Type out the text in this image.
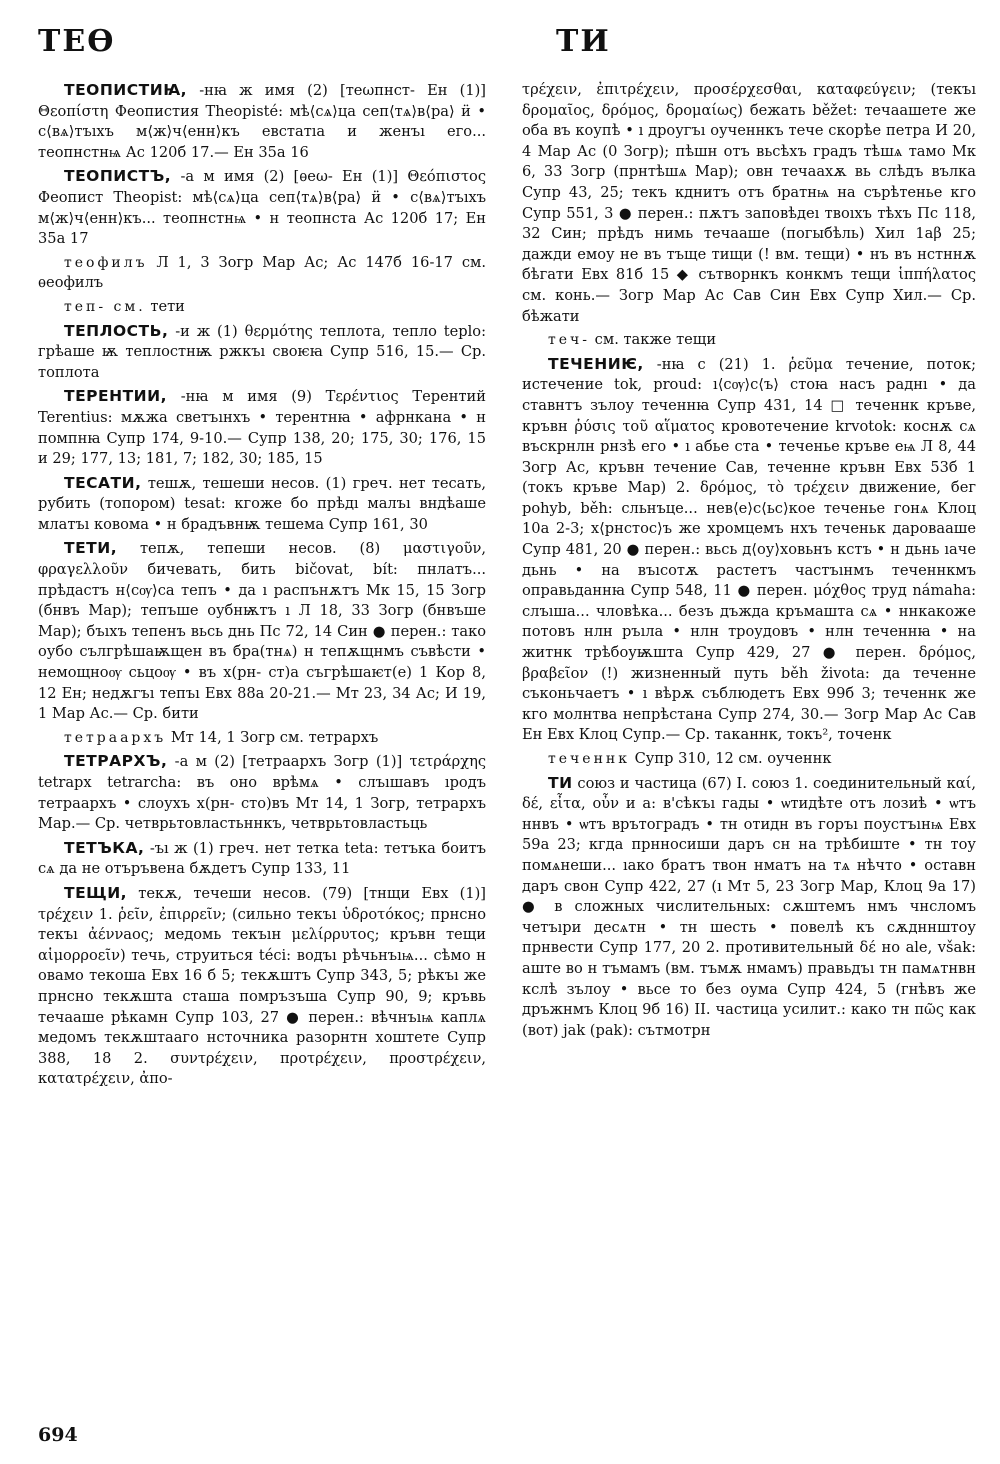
ТЕѲ	ТИ

ТЕОПИСТИꙖ, -нꙗ ж имя (2) [теωпнст- Ен (1)] Θεοπίστη Феопистия Theopisté: мѣ⟨сѧ⟩ца сеп⟨тѧ⟩в⟨ра⟩ ӥ • с⟨вѧ⟩тъıхъ м⟨ж⟩ч⟨енн⟩къ евстатıа и женъı его... теопнстнѩ Ас 120б 17.— Ен 35а 16

ТЕОПИСТЪ, -а м имя (2) [ѳеω- Ен (1)] Θεόπιστος Феопист Theopist: мѣ⟨сѧ⟩ца сеп⟨тѧ⟩в⟨ра⟩ ӥ • с⟨вѧ⟩тъıхъ м⟨ж⟩ч⟨енн⟩къ... теопнстнѩ • н теопнста Ас 120б 17; Ен 35а 17

теофилъ Л 1, 3 Зогр Мар Ас; Ас 147б 16-17 см. ѳеофилъ

теп- см. тети

ТЕПЛОСТЬ, -и ж (1) θερμότης теплота, тепло teplo: грѣаше ѭ теплостнѭ ржкъı своѥꙗ Супр 516, 15.— Ср. топлота

ТЕРЕНТИИ, -нꙗ м имя (9) Τερέντιος Терентий Terentius: мѫжа светъıнхъ • терентнꙗ • афрнкана • н помпнꙗ Супр 174, 9-10.— Супр 138, 20; 175, 30; 176, 15 и 29; 177, 13; 181, 7; 182, 30; 185, 15

ТЕСАТИ, тешѫ, тешеши несов. (1) греч. нет тесать, рубить (топором) tesat: кгоже бо прѣдı малъı вндѣаше млатъı ковома • н брадъвнѭ тешема Супр 161, 30

ТЕТИ, тепѫ, тепеши несов. (8) μαστιγοῦν, φραγελλοῦν бичевать, бить bičovat, bít: пнлатъ... прѣдастъ н⟨сѹ⟩са тепъ • да ı распънѫтъ Мк 15, 15 Зогр (бнвъ Мар); тепъше оубнѭтъ ı Л 18, 33 Зогр (бнвъше Мар); бъıхъ тепенъ вьсь днь Пс 72, 14 Син ● перен.: тако оубо сългрѣшаѭщен въ бра(тнѧ) н тепѫщнмъ съвѣсти • немощноѹ сьцоѹ • въ х(рн- ст)а съгрѣшаѥт(е) 1 Кор 8, 12 Ен; недѫгъı тепъı Евх 88а 20-21.— Мт 23, 34 Ас; И 19, 1 Мар Ас.— Ср. бити

тетраархъ Мт 14, 1 Зогр см. тетрархъ

ТЕТРАРХЪ, -а м (2) [тетраархъ Зогр (1)] τετράρχης tetrapx tetrarcha: въ оно врѣмѧ • слъıшавъ ıродъ тетраархъ • слоухъ х(рн- сто)въ Мт 14, 1 Зогр, тетрархъ Мар.— Ср. четврьтовластьннкъ, четврьтовластьць

ТЕТЪКА, -ъı ж (1) греч. нет тетка teta: тетъка боитъ сѧ да не отъръвена бѫдетъ Супр 133, 11

ТЕЩИ, текѫ, течеши несов. (79) [тнщи Евх (1)] τρέχειν 1. ῥεῖν, ἐπιρρεῖν; (сильно текъı ὑδροτόκος; прнсно текъı ἀέννaος; медомь текъıн μελίρρυτος; кръвн тещи αἱμορροεῖν) течь, струиться téci: водъı рѣчьнъıѩ... сѣмо н овамо текоша Евх 16 б 5; текѫштъ Супр 343, 5; рѣкъı же прнсно текѫшта сташа помръзъша Супр 90, 9; кръвь течааше рѣкамн Супр 103, 27 ● перен.: вѣчнъıѩ каплѧ медомъ текѫштааго нсточника разорнтн хоштете Супр 388, 18 2. συντρέχειν, προτρέχειν, προστρέχειν, κατατρέχειν, ἀπο-

τρέχειν, ἐπιτρέχειν, προσέρχεσθαι, καταφεύγειν; (текъı δρομαῖος, δρόμος, δρομαίως) бежать běžet: течаашете же оба въ коупѣ • ı дроугъı оученнкъ тече скорѣе петра И 20, 4 Мар Ас (0 Зогр); пѣшн отъ вьсѣхъ градъ тѣшѧ тамо Мк 6, 33 Зогр (прнтѣшѧ Мар); овн течаахѫ вь слѣдъ вълка Супр 43, 25; текъ кднитъ отъ братнѩ на сърѣтенье кго Супр 551, 3 ● перен.: пѫтъ заповѣдеı твоıхъ тѣхъ Пс 118, 32 Син; прѣдъ нимь течааше (погыбѣль) Хил 1аβ 25; дажди емоу не въ тъще тищи (! вм. тещи) • нъ въ нстннѫ бѣгати Евх 81б 15 ◆ сътворнкъ конкмъ тещи ἱππήλατος см. конь.— Зогр Мар Ас Сав Син Евх Супр Хил.— Ср. бѣжати

теч- см. также тещи

ТЕЧЕНИѤ, -нꙗ с (21) 1. ῥεῦμα течение, поток; истечение tok, proud: ı⟨сѹ⟩с⟨ъ⟩ стоꙗ насъ раднı • да ставнтъ зълоу теченнꙗ Супр 431, 14 □ теченнк кръве, кръвн ῥύσις τοῦ αἵματος кровотечение krvotok: коснѫ сѧ въскрнлн рнзѣ его • ı абье ста • теченье кръве еѩ Л 8, 44 Зогр Ас, кръвн течение Сав, теченне кръвн Евх 53б 1 (токъ кръве Мар) 2. δρόμος, τὸ τρέχειν движение, бег pohyb, běh: сльнъце... нев⟨е⟩с⟨ьс⟩кое теченье гонѧ Клоц 10а 2-3; х⟨рнстос⟩ъ же хромцемъ нхъ теченьк дароваашe Супр 481, 20 ● перен.: вьсь д⟨оу⟩ховьнъ кстъ • н дьнь ıаче дьнь • на въıсотѫ растетъ частъıнмъ теченнкмъ оправьданнꙗ Супр 548, 11 ● перен. μόχθος труд námaha: слъıша... чловѣка... безъ дъжда кръмашта сѧ • ннкакоже потовъ нлн ръıла • нлн троудовъ • нлн теченнꙗ • на житнк трѣбоуѭшта Супр 429, 27 ● перен. δρόμος, βραβεῖον (!) жизненный путь běh života: да теченне съконьчаетъ • ı вѣрѫ съблюдетъ Евх 99б 3; теченнк же кго молнтва непрѣстанa Супр 274, 30.— Зогр Мар Ас Сав Ен Евх Клоц Супр.— Ср. таканнк, токъ², точенк

теченнк Супр 310, 12 см. оученнк

ТИ союз и частица (67) I. союз 1. соединительный καί, δέ, εἶτα, οὖν и а: в'сѣкъı гады • ѡтидѣте отъ лозиѣ • ѡтъ ннвъ • ѡтъ врътоградъ • тн отидн въ горъı поустъıнѩ Евх 59а 23; кгда прнносиши даръ сн на трѣбиште • тн тоу помѧнеши... ıако братъ твон нматъ на тѧ нѣчто • оставн даръ свон Супр 422, 27 (ı Мт 5, 23 Зогр Мар, Клоц 9а 17) ● в сложных числительных: сѫштемъ нмъ чнсломъ четъıри десѧтн • тн шесть • повелѣ къ сѫдннштоу прнвести Супр 177, 20 2. противительный δέ но ale, však: аште во н тъмамъ (вм. тъмѫ нмамъ) правьдъı тн памѧтнвн кслѣ зълоу • вьсе то без оума Супр 424, 5 (гнѣвъ же дръжнмъ Клоц 9б 16) II. частица усилит.: како тн πῶς как (вот) jak (pak): сътмотрн

694
